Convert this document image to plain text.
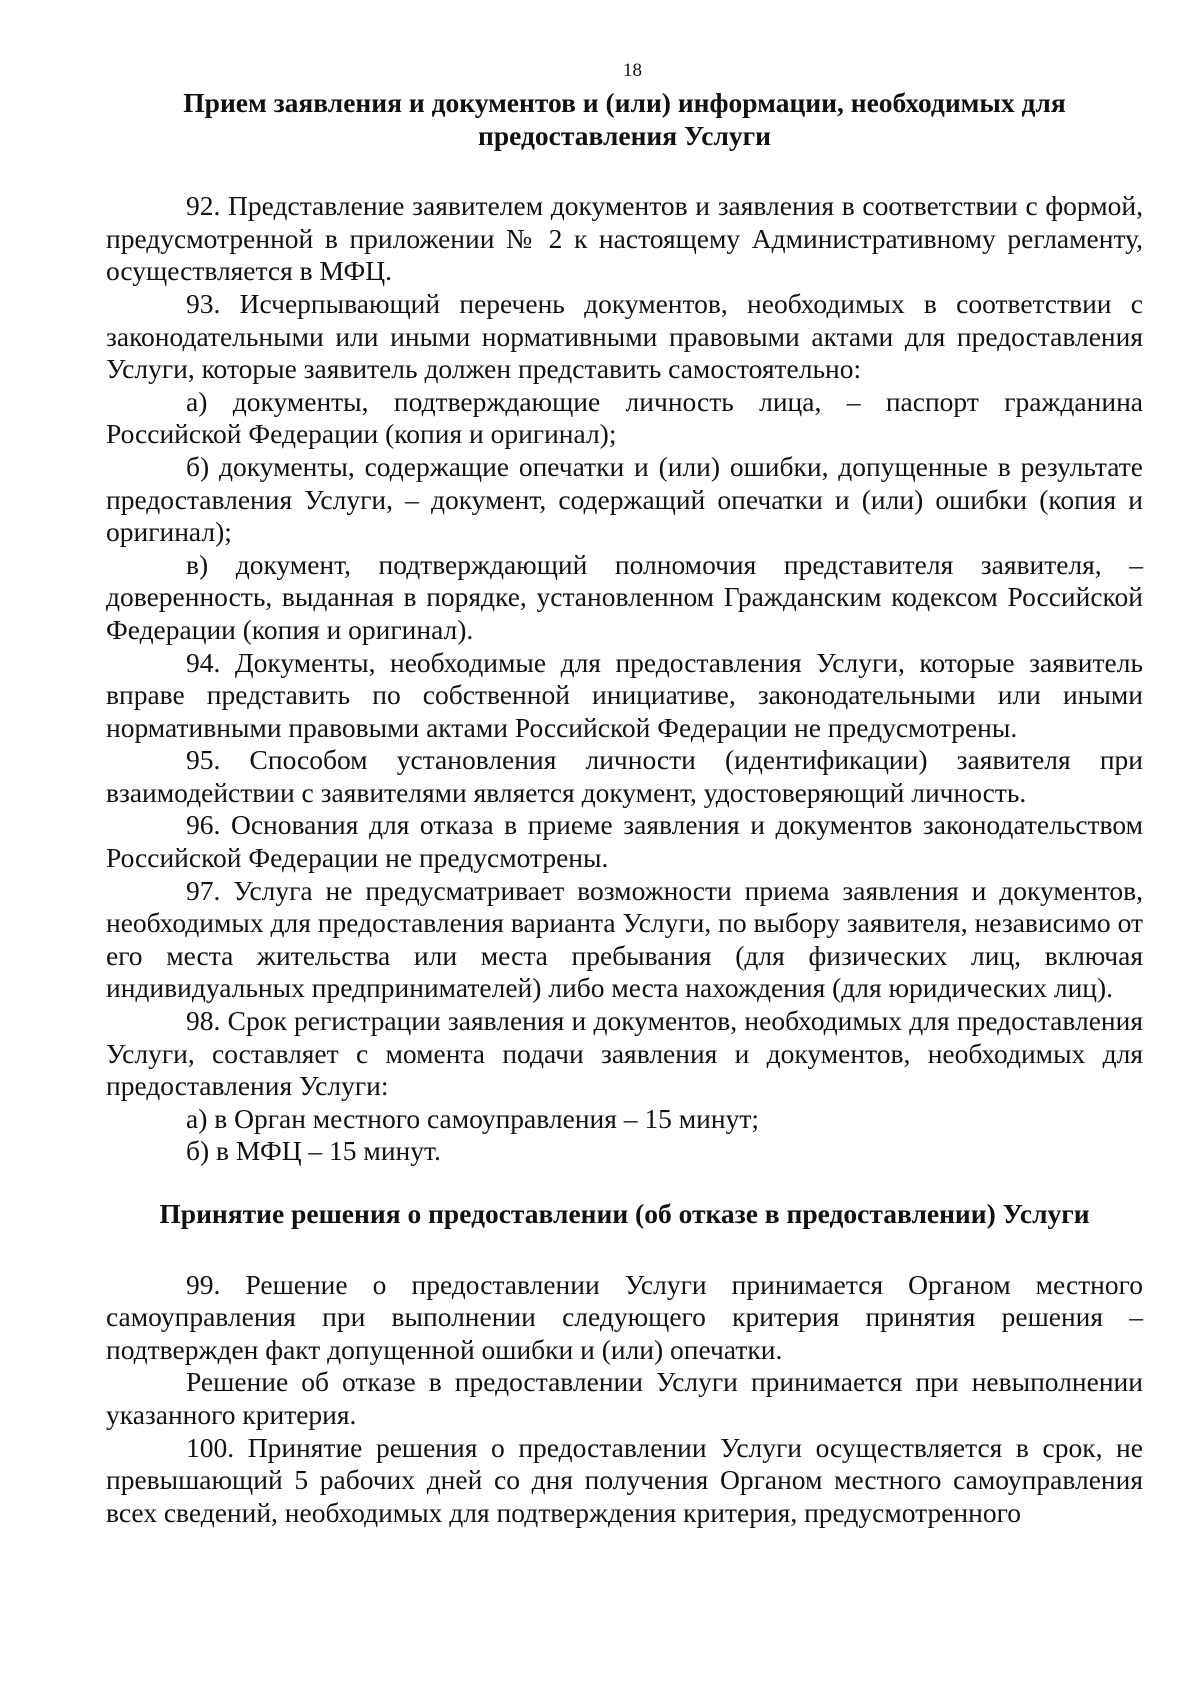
18
Прием заявления и документов и (или) информации, необходимых для предоставления Услуги

92. Представление заявителем документов и заявления в соответствии с формой, предусмотренной в приложении № 2 к настоящему Административному регламенту, осуществляется в МФЦ.

93. Исчерпывающий перечень документов, необходимых в соответствии с законодательными или иными нормативными правовыми актами для предоставления Услуги, которые заявитель должен представить самостоятельно:

а) документы, подтверждающие личность лица, – паспорт гражданина Российской Федерации (копия и оригинал);

б) документы, содержащие опечатки и (или) ошибки, допущенные в результате предоставления Услуги, – документ, содержащий опечатки и (или) ошибки (копия и оригинал);

в) документ, подтверждающий полномочия представителя заявителя, – доверенность, выданная в порядке, установленном Гражданским кодексом Российской Федерации (копия и оригинал).

94. Документы, необходимые для предоставления Услуги, которые заявитель вправе представить по собственной инициативе, законодательными или иными нормативными правовыми актами Российской Федерации не предусмотрены.

95. Способом установления личности (идентификации) заявителя при взаимодействии с заявителями является документ, удостоверяющий личность.

96. Основания для отказа в приеме заявления и документов законодательством Российской Федерации не предусмотрены.

97. Услуга не предусматривает возможности приема заявления и документов, необходимых для предоставления варианта Услуги, по выбору заявителя, независимо от его места жительства или места пребывания (для физических лиц, включая индивидуальных предпринимателей) либо места нахождения (для юридических лиц).

98. Срок регистрации заявления и документов, необходимых для предоставления Услуги, составляет с момента подачи заявления и документов, необходимых для предоставления Услуги:

а) в Орган местного самоуправления – 15 минут;

б) в МФЦ – 15 минут.

Принятие решения о предоставлении (об отказе в предоставлении) Услуги

99. Решение о предоставлении Услуги принимается Органом местного самоуправления при выполнении следующего критерия принятия решения – подтвержден факт допущенной ошибки и (или) опечатки.

Решение об отказе в предоставлении Услуги принимается при невыполнении указанного критерия.

100. Принятие решения о предоставлении Услуги осуществляется в срок, не превышающий 5 рабочих дней со дня получения Органом местного самоуправления всех сведений, необходимых для подтверждения критерия, предусмотренного
